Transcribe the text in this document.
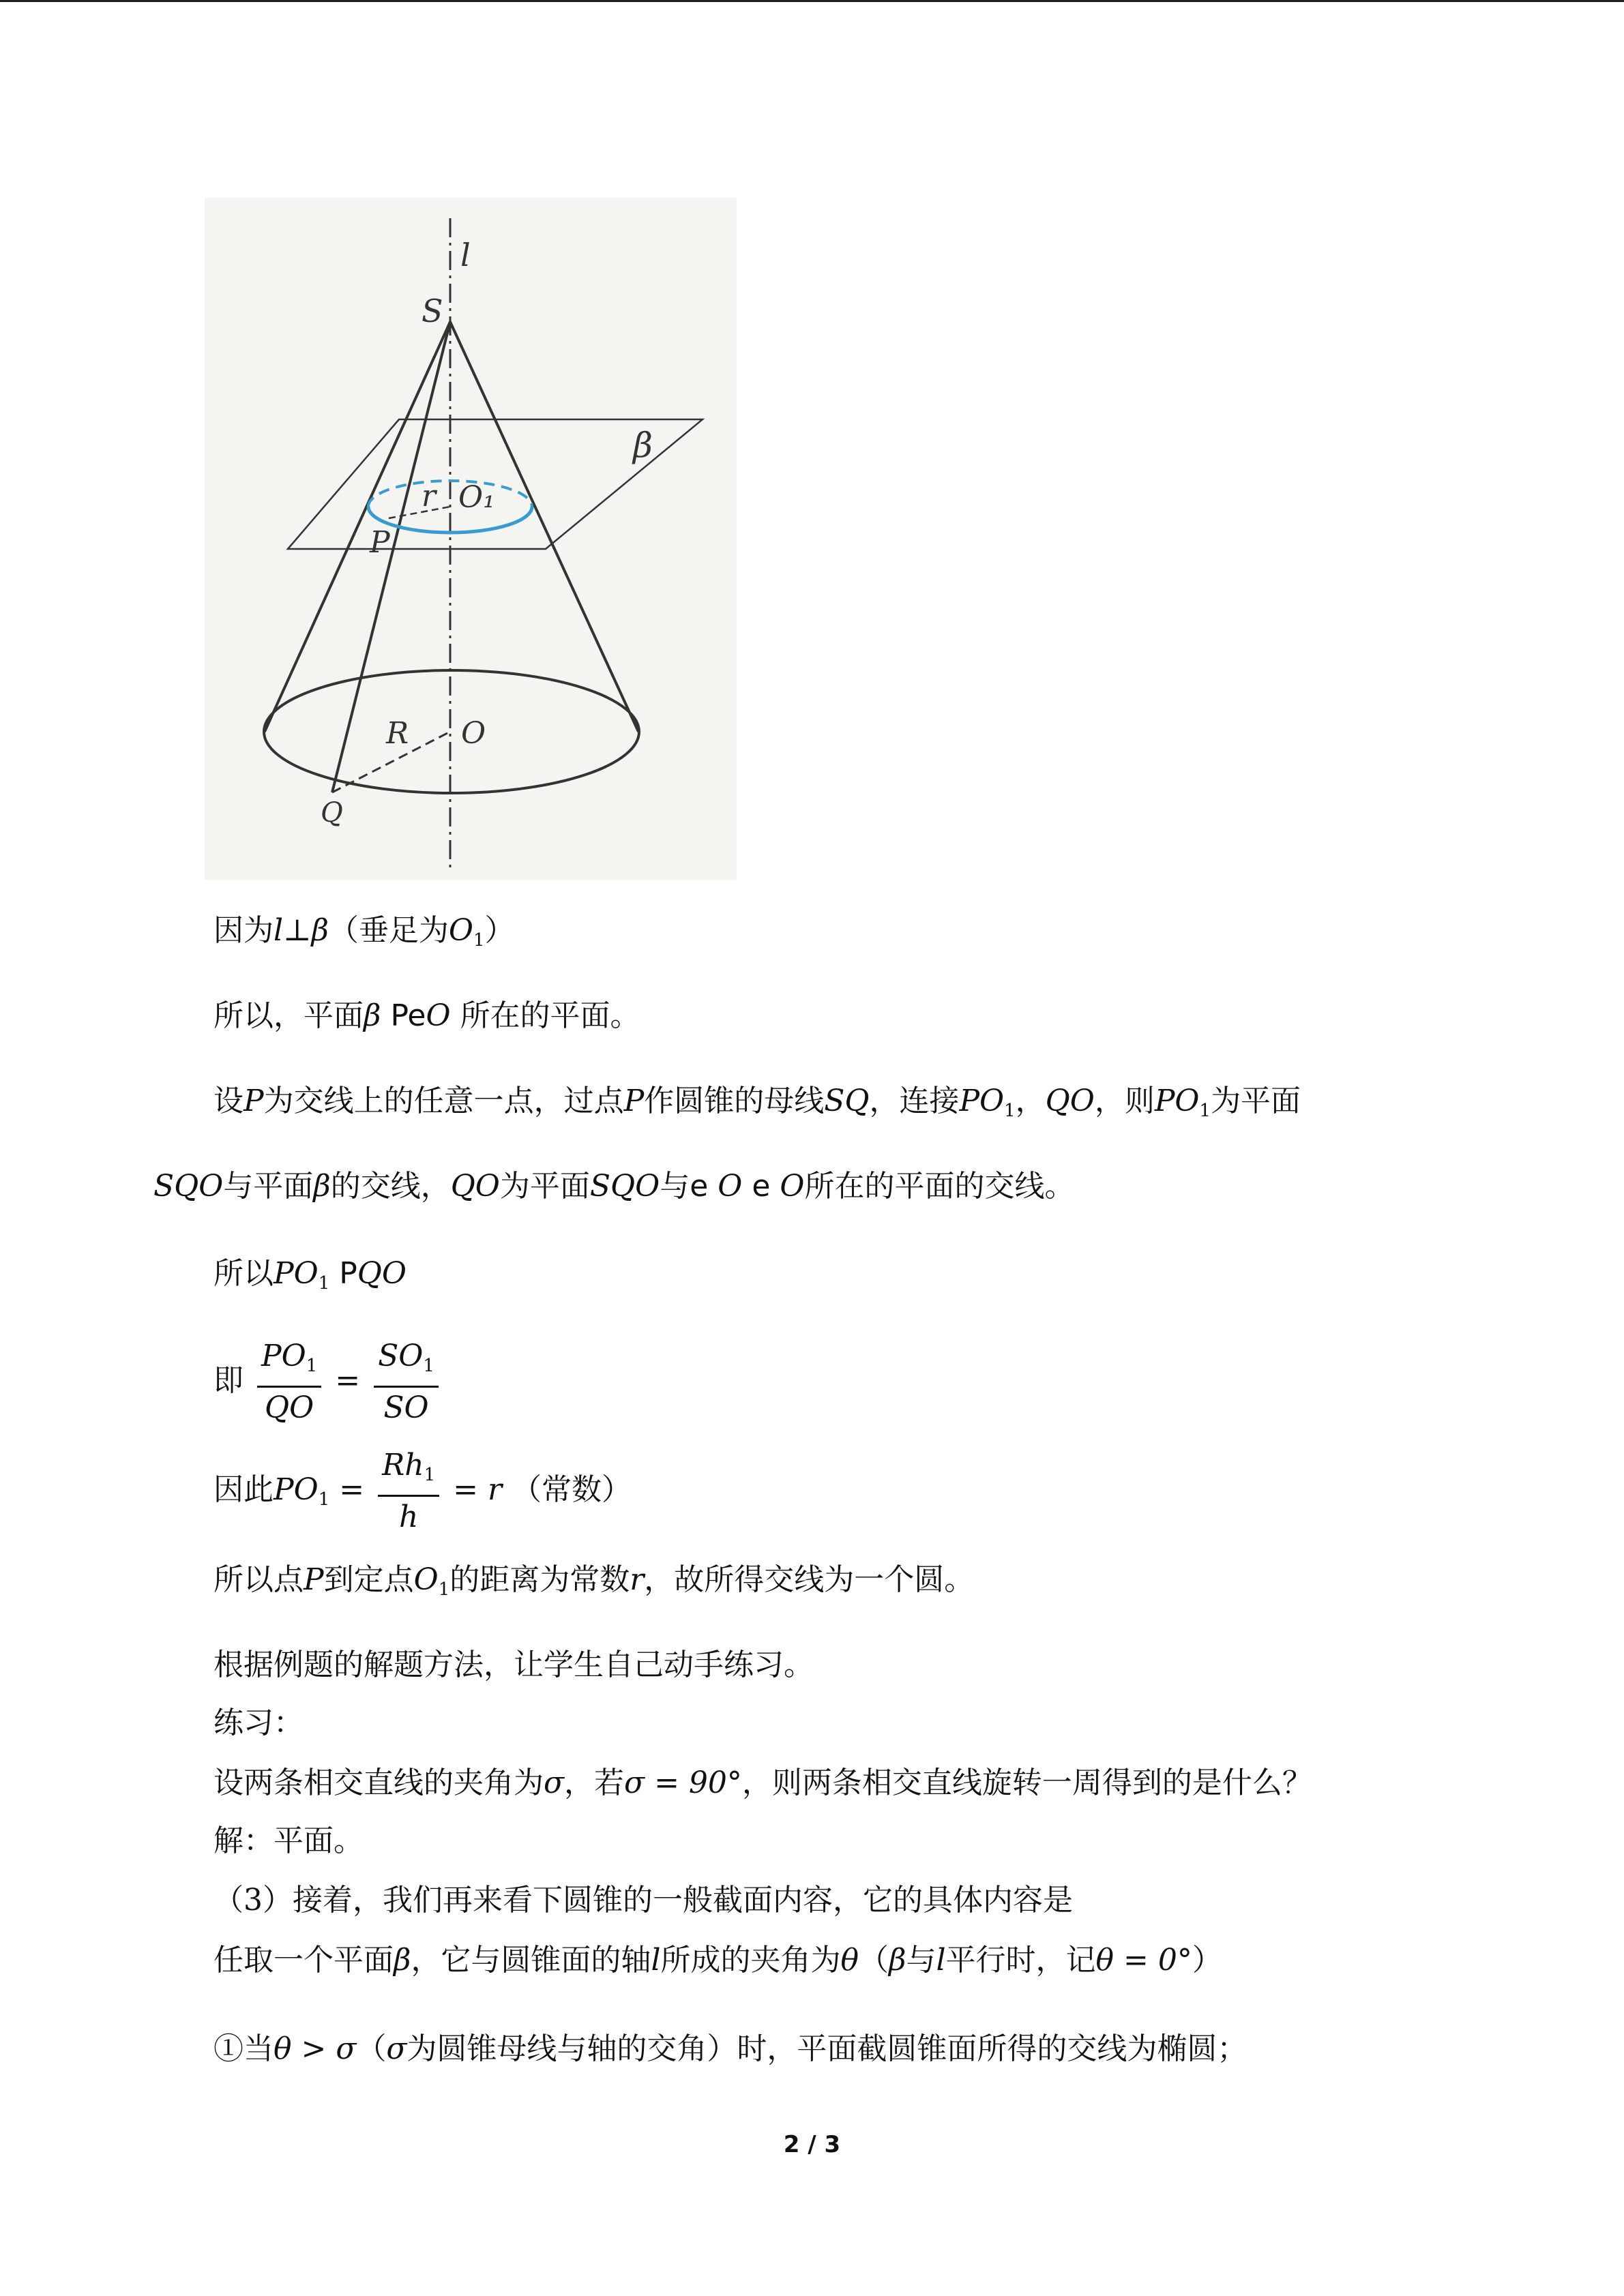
l
S
β
r O₁
P
R O
Q
因为l⊥β（垂足为$O_1$）
所以，平面β PeO 所在的平面。
设P为交线上的任意一点，过点P作圆锥的母线SQ，连接$PO_1$，QO，则$PO_1$为平面
SQO与平面β的交线，QO为平面SQO与e O e O所在的平面的交线。
所以$PO_1$ PQO
即 $\frac{PO_1}{QO} = \frac{SO_1}{SO}$
因此$PO_1 = \frac{Rh_1}{h} = r$ （常数）
所以点P到定点$O_1$的距离为常数r，故所得交线为一个圆。
根据例题的解题方法，让学生自己动手练习。
练习：
设两条相交直线的夹角为σ，若σ = 90°，则两条相交直线旋转一周得到的是什么？
解：平面。
（3）接着，我们再来看下圆锥的一般截面内容，它的具体内容是
任取一个平面β，它与圆锥面的轴l所成的夹角为θ（β与l平行时，记θ = 0°）
①当θ > σ（σ为圆锥母线与轴的交角）时，平面截圆锥面所得的交线为椭圆；
2 / 3
